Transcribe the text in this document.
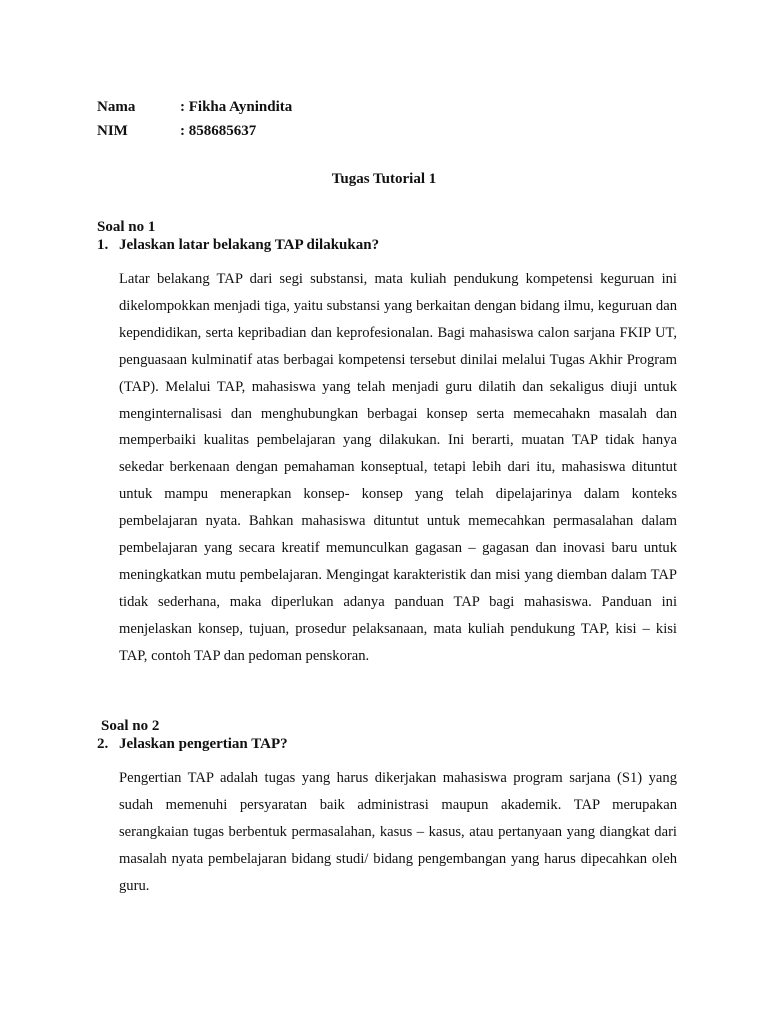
Nama	: Fikha Aynindita
NIM	: 858685637
Tugas Tutorial 1
Soal no 1
1. Jelaskan latar belakang TAP dilakukan?
Latar belakang TAP dari segi substansi, mata kuliah pendukung kompetensi keguruan ini dikelompokkan menjadi tiga, yaitu substansi yang berkaitan dengan bidang ilmu, keguruan dan kependidikan, serta kepribadian dan keprofesionalan. Bagi mahasiswa calon sarjana FKIP UT, penguasaan kulminatif atas berbagai kompetensi tersebut dinilai melalui Tugas Akhir Program (TAP). Melalui TAP, mahasiswa yang telah menjadi guru dilatih dan sekaligus diuji untuk menginternalisasi dan menghubungkan berbagai konsep serta memecahakn masalah dan memperbaiki kualitas pembelajaran yang dilakukan. Ini berarti, muatan TAP tidak hanya sekedar berkenaan dengan pemahaman konseptual, tetapi lebih dari itu, mahasiswa dituntut untuk mampu menerapkan konsep- konsep yang telah dipelajarinya dalam konteks pembelajaran nyata. Bahkan mahasiswa dituntut untuk memecahkan permasalahan dalam pembelajaran yang secara kreatif memunculkan gagasan – gagasan dan inovasi baru untuk meningkatkan mutu pembelajaran. Mengingat karakteristik dan misi yang diemban dalam TAP tidak sederhana, maka diperlukan adanya panduan TAP bagi mahasiswa. Panduan ini menjelaskan konsep, tujuan, prosedur pelaksanaan, mata kuliah pendukung TAP, kisi – kisi TAP, contoh TAP dan pedoman penskoran.
Soal no 2
2. Jelaskan pengertian TAP?
Pengertian TAP adalah tugas yang harus dikerjakan mahasiswa program sarjana (S1) yang sudah memenuhi persyaratan baik administrasi maupun akademik. TAP merupakan serangkaian tugas berbentuk permasalahan, kasus – kasus, atau pertanyaan yang diangkat dari masalah nyata pembelajaran bidang studi/ bidang pengembangan yang harus dipecahkan oleh guru.
